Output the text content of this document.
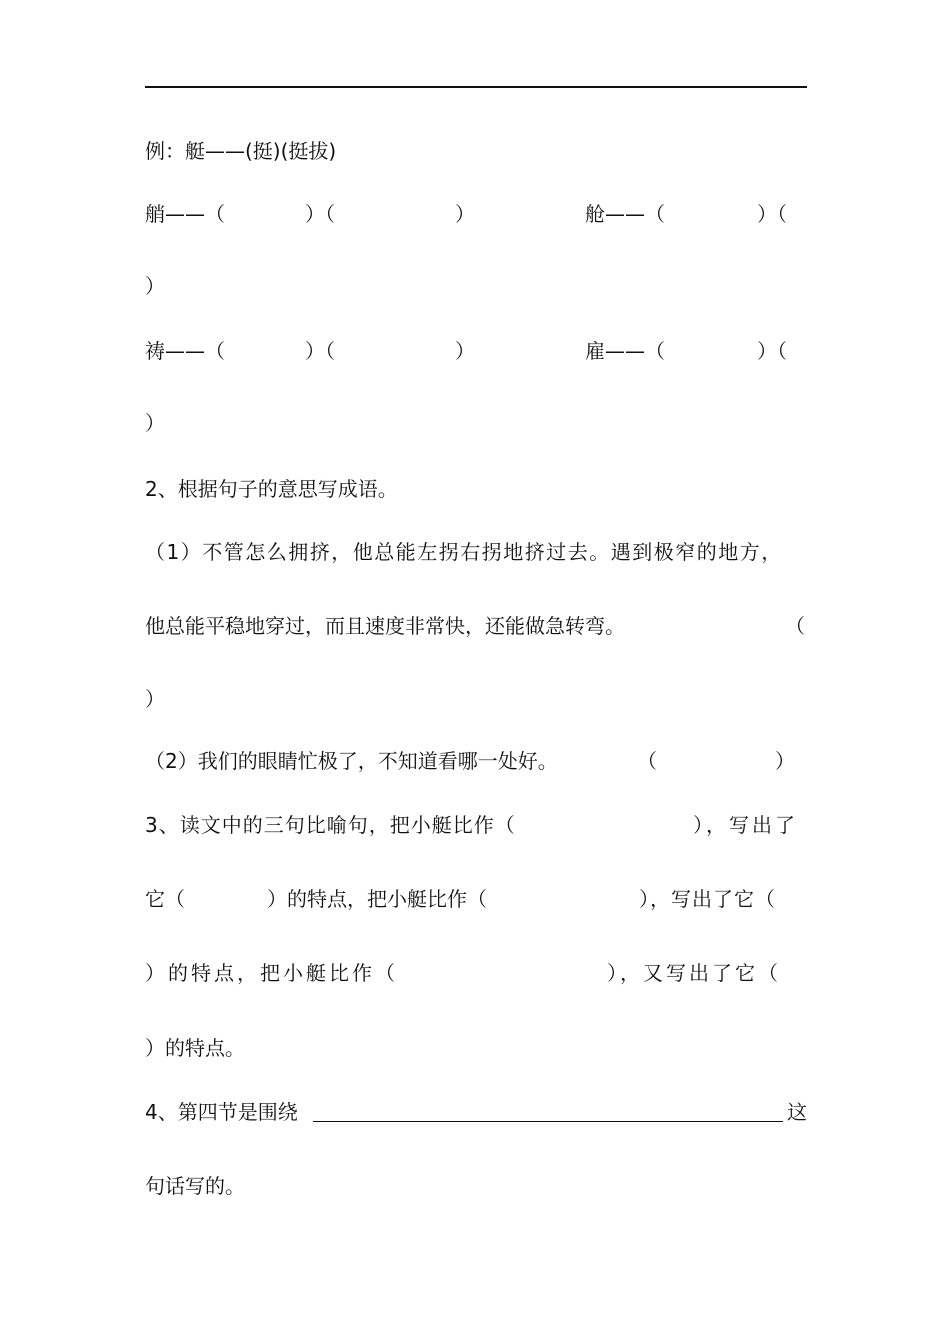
例：艇——(挺)(挺拔)
艄——（	）（	）	舱——（	）（
）
祷——（	）（	）	雇——（	）（
）
2、根据句子的意思写成语。
（1）不管怎么拥挤，他总能左拐右拐地挤过去。遇到极窄的地方，
他总能平稳地穿过，而且速度非常快，还能做急转弯。	（
）
（2）我们的眼睛忙极了，不知道看哪一处好。	（	）
3、读文中的三句比喻句，把小艇比作（	），写出了
它（	）的特点，把小艇比作（	），写出了它（
）的特点，把小艇比作（	），又写出了它（
）的特点。
4、第四节是围绕	这
句话写的。
